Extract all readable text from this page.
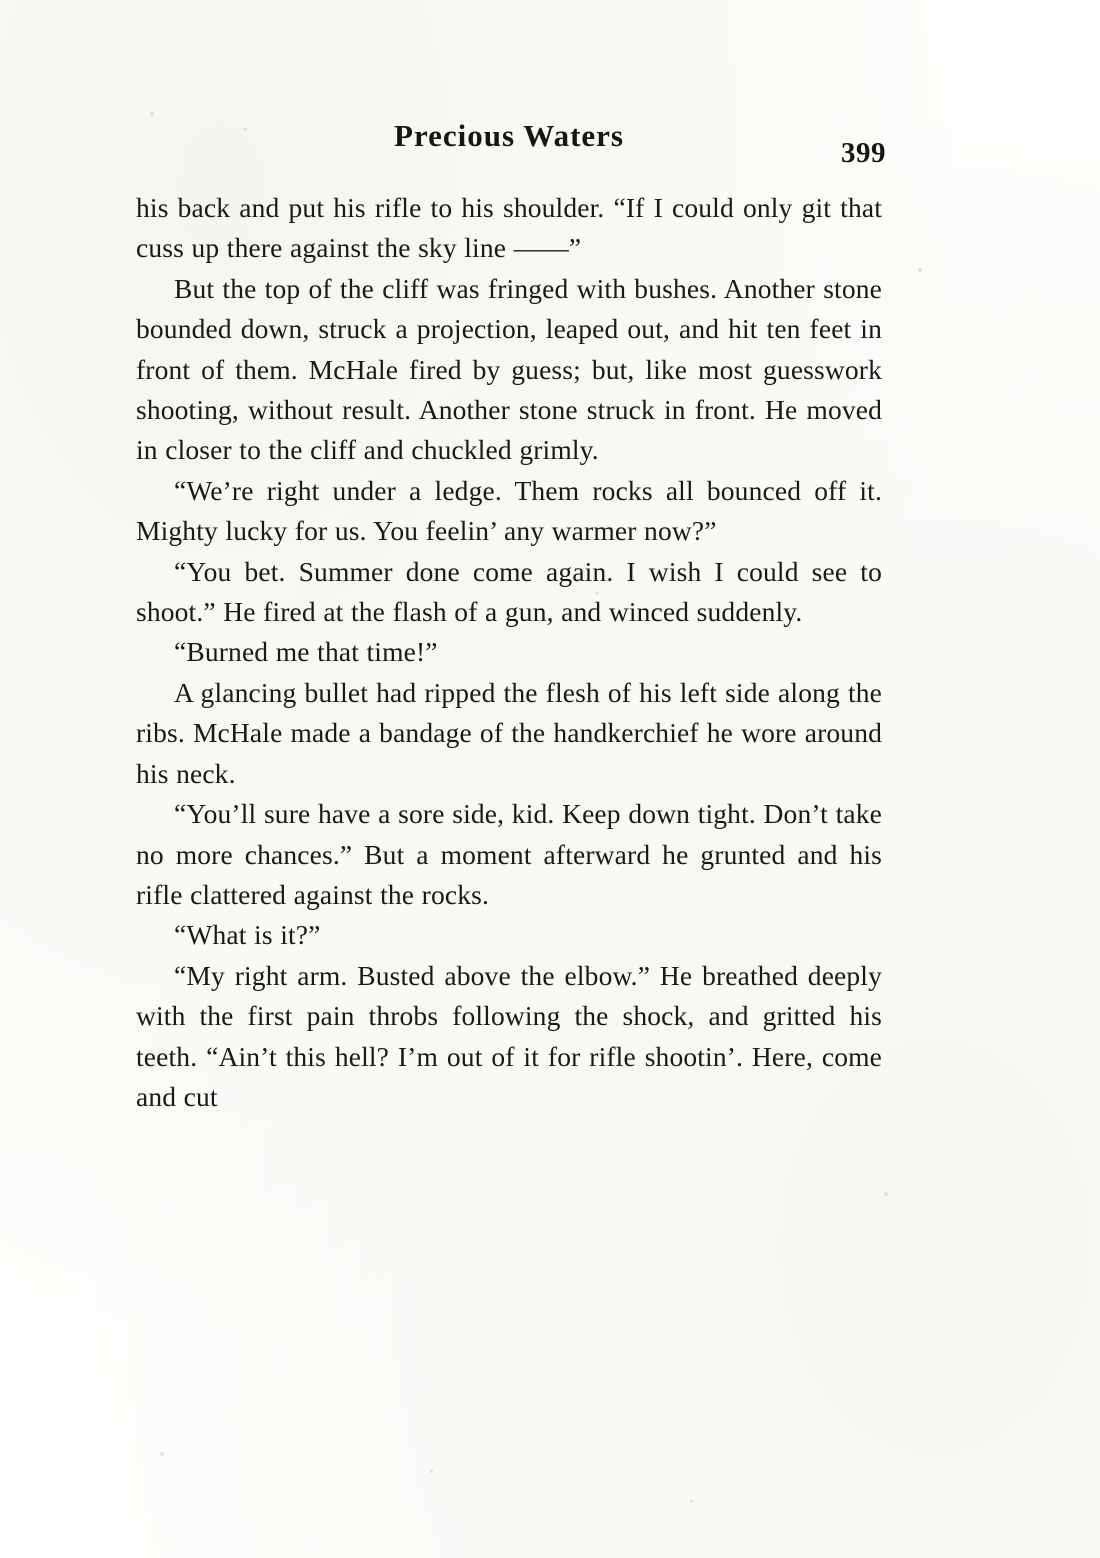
Precious Waters	399

his back and put his rifle to his shoulder. “If I could only git that cuss up there against the sky line ——”

But the top of the cliff was fringed with bushes. Another stone bounded down, struck a projection, leaped out, and hit ten feet in front of them. McHale fired by guess; but, like most guesswork shooting, without result. Another stone struck in front. He moved in closer to the cliff and chuckled grimly.

“We’re right under a ledge. Them rocks all bounced off it. Mighty lucky for us. You feelin’ any warmer now?”

“You bet. Summer done come again. I wish I could see to shoot.” He fired at the flash of a gun, and winced suddenly.

“Burned me that time!”

A glancing bullet had ripped the flesh of his left side along the ribs. McHale made a bandage of the handkerchief he wore around his neck.

“You’ll sure have a sore side, kid. Keep down tight. Don’t take no more chances.” But a moment afterward he grunted and his rifle clattered against the rocks.

“What is it?”

“My right arm. Busted above the elbow.” He breathed deeply with the first pain throbs following the shock, and gritted his teeth. “Ain’t this hell? I’m out of it for rifle shootin’. Here, come and cut
